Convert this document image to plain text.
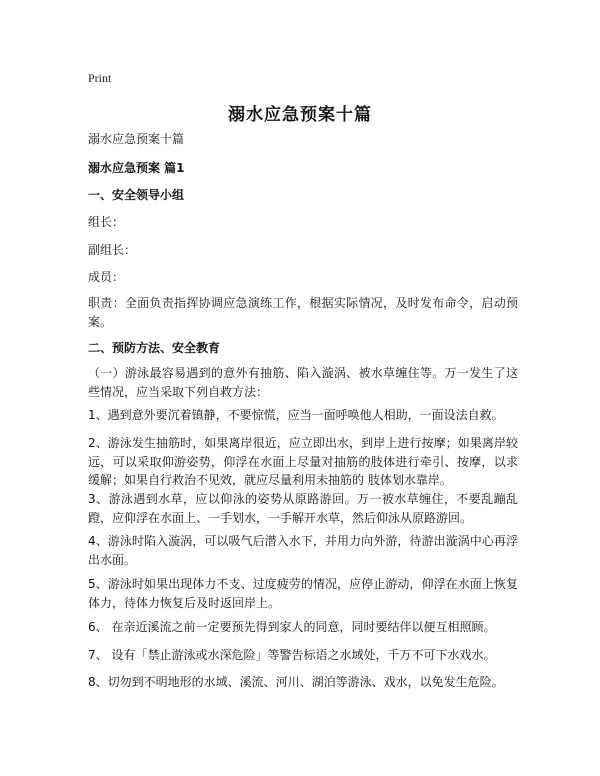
Print
溺水应急预案十篇
溺水应急预案十篇
溺水应急预案 篇1
一、安全领导小组
组长：
副组长：
成员：
职责：全面负责指挥协调应急演练工作，根据实际情况，及时发布命令，启动预案。
二、预防方法、安全教育
（一）游泳最容易遇到的意外有抽筋、陷入漩涡、被水草缠住等。万一发生了这些情况，应当采取下列自救方法：
1、遇到意外要沉着镇静，不要惊慌，应当一面呼唤他人相助，一面设法自救。
2、游泳发生抽筋时，如果离岸很近，应立即出水，到岸上进行按摩；如果离岸较远，可以采取仰游姿势，仰浮在水面上尽量对抽筋的肢体进行牵引、按摩，以求缓解；如果自行救治不见效，就应尽量利用未抽筋的 肢体划水靠岸。
3、游泳遇到水草，应以仰泳的姿势从原路游回。万一被水草缠住，不要乱蹦乱蹬，应仰浮在水面上、一手划水，一手解开水草，然后仰泳从原路游回。
4、游泳时陷入漩涡，可以吸气后潜入水下，并用力向外游，待游出漩涡中心再浮出水面。
5、游泳时如果出现体力不支、过度疲劳的情况，应停止游动，仰浮在水面上恢复体力，待体力恢复后及时返回岸上。
6、 在亲近溪流之前一定要预先得到家人的同意，同时要结伴以便互相照顾。
7、 设有「禁止游泳或水深危险」等警告标语之水域处，千万不可下水戏水。
8、切勿到不明地形的水域、溪流、河川、湖泊等游泳、戏水，以免发生危险。
